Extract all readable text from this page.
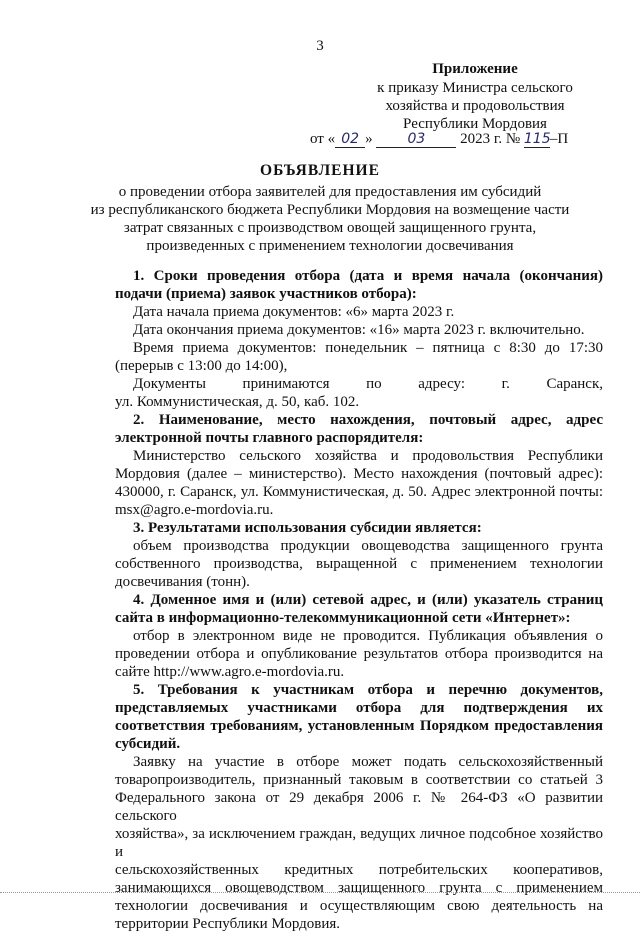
3
Приложение
к приказу Министра сельского
хозяйства и продовольствия
Республики Мордовия
от « 02 » 03 2023 г. № 115–П
ОБЪЯВЛЕНИЕ
о проведении отбора заявителей для предоставления им субсидий
из республиканского бюджета Республики Мордовия на возмещение части
затрат связанных с производством овощей защищенного грунта,
произведенных с применением технологии досвечивания
1. Сроки проведения отбора (дата и время начала (окончания)
подачи (приема) заявок участников отбора):
Дата начала приема документов: «6» марта 2023 г.
Дата окончания приема документов: «16» марта 2023 г. включительно.
Время приема документов: понедельник – пятница с 8:30 до 17:30
(перерыв с 13:00 до 14:00),
Документы принимаются по адресу: г. Саранск,
ул. Коммунистическая, д. 50, каб. 102.
2. Наименование, место нахождения, почтовый адрес, адрес
электронной почты главного распорядителя:
Министерство сельского хозяйства и продовольствия Республики
Мордовия (далее – министерство). Место нахождения (почтовый адрес):
430000, г. Саранск, ул. Коммунистическая, д. 50. Адрес электронной почты:
msx@agro.e-mordovia.ru.
3. Результатами использования субсидии является:
объем производства продукции овощеводства защищенного грунта
собственного производства, выращенной с применением технологии
досвечивания (тонн).
4. Доменное имя и (или) сетевой адрес, и (или) указатель страниц
сайта в информационно-телекоммуникационной сети «Интернет»:
отбор в электронном виде не проводится. Публикация объявления о
проведении отбора и опубликование результатов отбора производится на
сайте http://www.agro.e-mordovia.ru.
5. Требования к участникам отбора и перечню документов,
представляемых участниками отбора для подтверждения их
соответствия требованиям, установленным Порядком предоставления
субсидий.
Заявку на участие в отборе может подать сельскохозяйственный
товаропроизводитель, признанный таковым в соответствии со статьей 3
Федерального закона от 29 декабря 2006 г. № 264-ФЗ «О развитии сельского
хозяйства», за исключением граждан, ведущих личное подсобное хозяйство и
сельскохозяйственных кредитных потребительских кооперативов,
занимающихся овощеводством защищенного грунта с применением
технологии досвечивания и осуществляющим свою деятельность на
территории Республики Мордовия.
